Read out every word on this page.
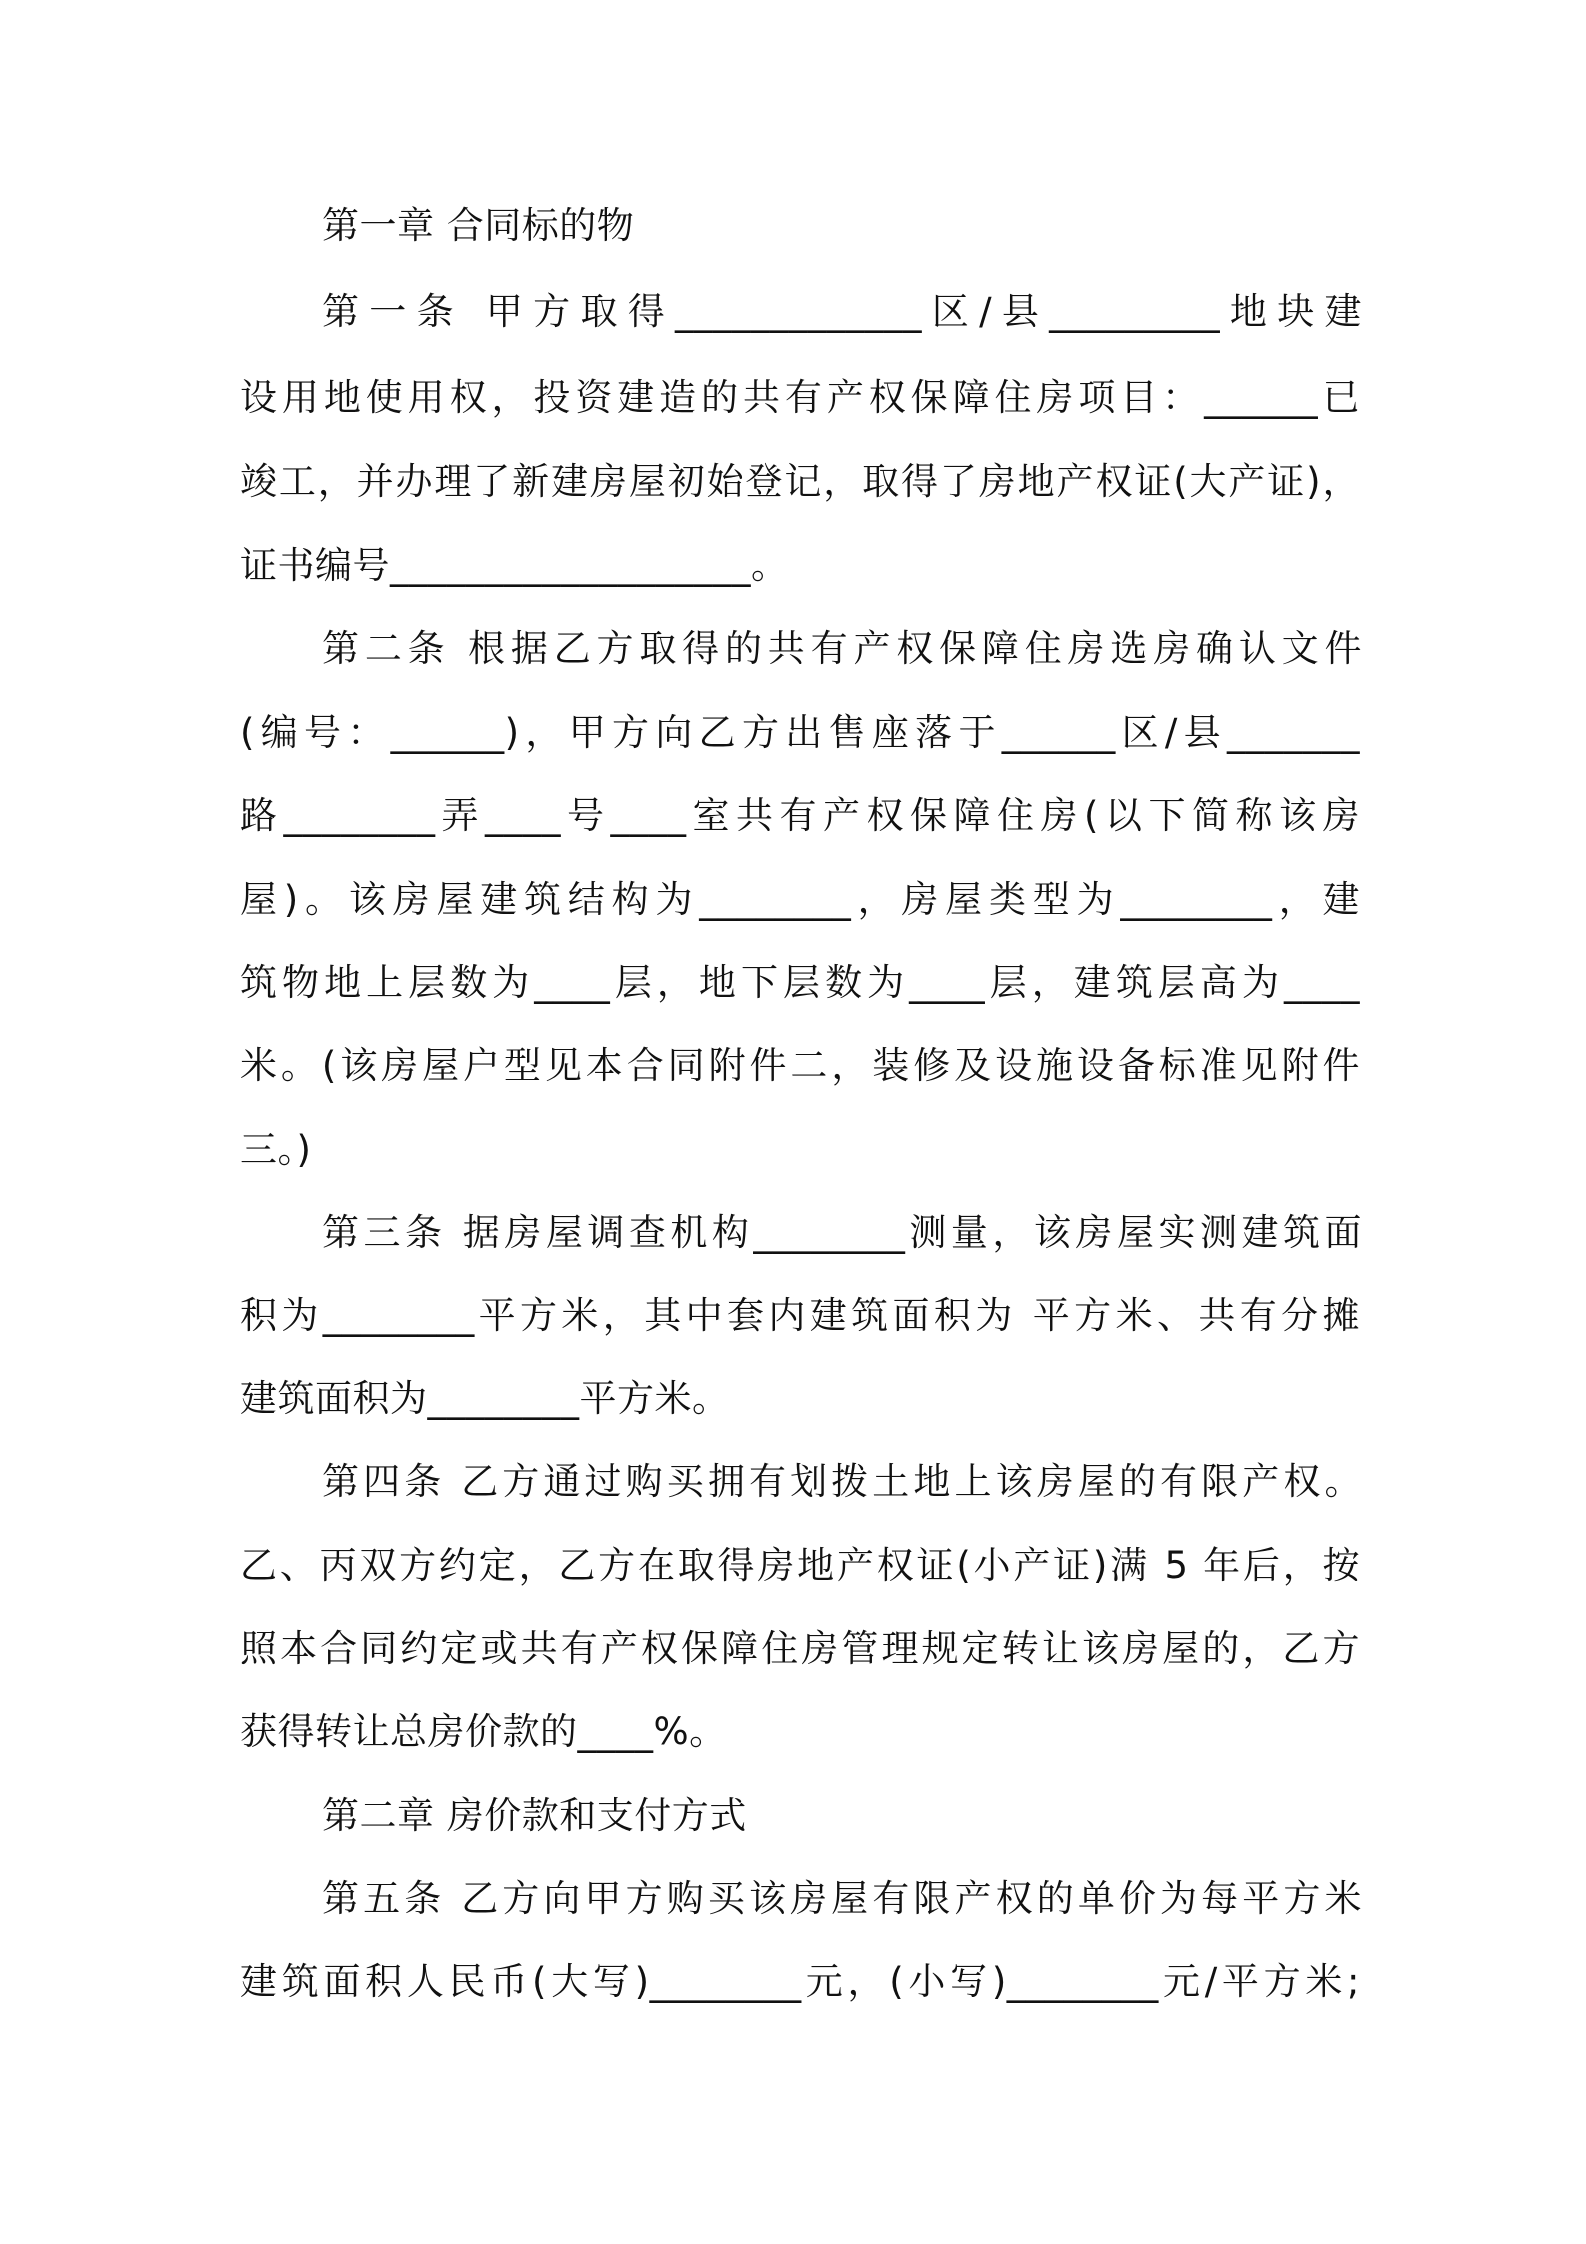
第一章 合同标的物
第一条 甲方取得_____________区/县_________地块建
设用地使用权，投资建造的共有产权保障住房项目：______已
竣工，并办理了新建房屋初始登记，取得了房地产权证(大产证)，
证书编号___________________。
第二条 根据乙方取得的共有产权保障住房选房确认文件
(编号：______)，甲方向乙方出售座落于______区/县_______
路________弄____号____室共有产权保障住房(以下简称该房
屋)。该房屋建筑结构为________，房屋类型为________，建
筑物地上层数为____层，地下层数为____层，建筑层高为____
米。(该房屋户型见本合同附件二，装修及设施设备标准见附件
三。)
第三条 据房屋调查机构________测量，该房屋实测建筑面
积为________平方米，其中套内建筑面积为 平方米、共有分摊
建筑面积为________平方米。
第四条 乙方通过购买拥有划拨土地上该房屋的有限产权。
乙、丙双方约定，乙方在取得房地产权证(小产证)满 5 年后，按
照本合同约定或共有产权保障住房管理规定转让该房屋的，乙方
获得转让总房价款的____%。
第二章 房价款和支付方式
第五条 乙方向甲方购买该房屋有限产权的单价为每平方米
建筑面积人民币(大写)________元，(小写)________元/平方米;
